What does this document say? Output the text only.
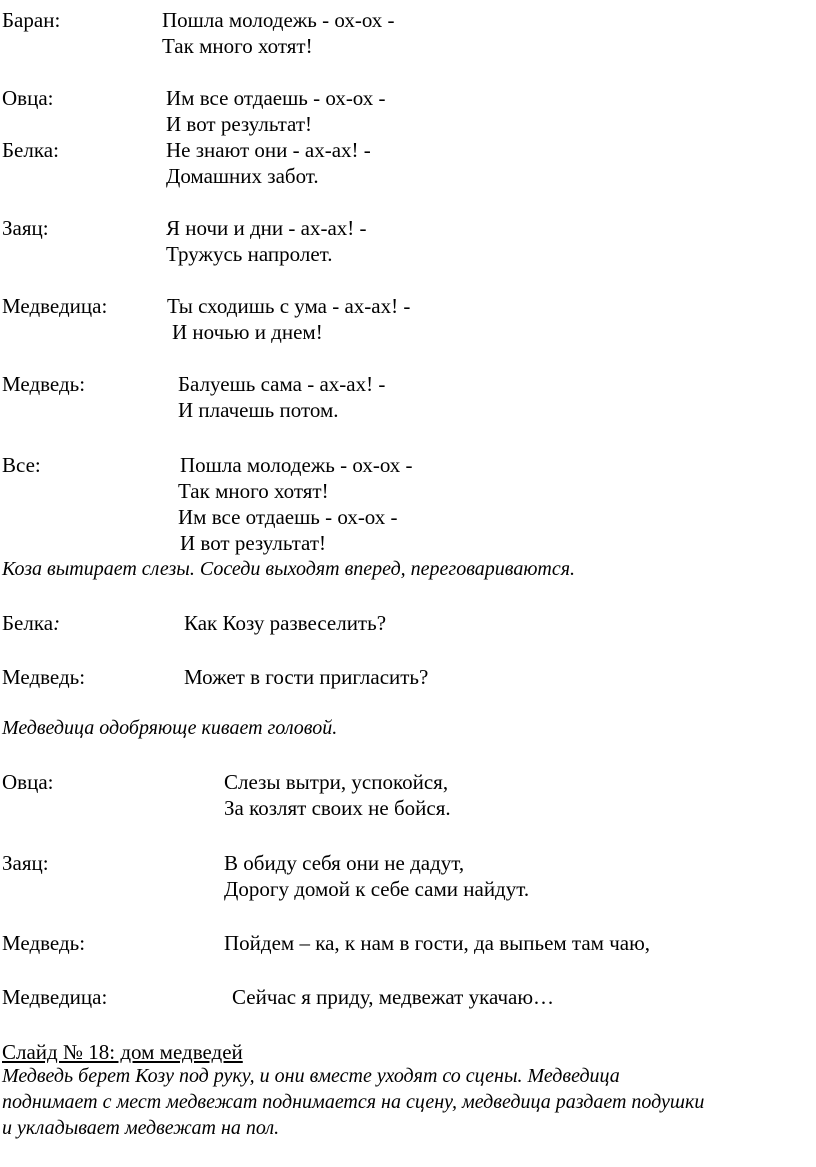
Баран:	Пошла молодежь - ох-ох -
Так много хотят!
Овца:	Им все отдаешь - ох-ох -
И вот результат!
Белка:	Не знают они - ах-ах! -
Домашних забот.
Заяц:	Я ночи и дни - ах-ах! -
Тружусь напролет.
Медведица:	Ты сходишь с ума - ах-ах! -
И ночью и днем!
Медведь:	Балуешь сама - ах-ах! -
И плачешь потом.
Все:	Пошла молодежь - ох-ох -
Так много хотят!
Им все отдаешь - ох-ох -
И вот результат!
Коза вытирает слезы. Соседи выходят вперед, переговариваются.
Белка:	Как Козу развеселить?
Медведь:	Может в гости пригласить?
Медведица одобряюще кивает головой.
Овца:	Слезы вытри, успокойся,
За козлят своих не бойся.
Заяц:	В обиду себя они не дадут,
Дорогу домой к себе сами найдут.
Медведь:	Пойдем – ка, к нам в гости, да выпьем там чаю,
Медведица:	Сейчас я приду, медвежат укачаю…
Слайд № 18: дом медведей
Медведь берет Козу под руку, и они вместе уходят со сцены. Медведица
поднимает с мест медвежат поднимается на сцену, медведица раздает подушки
и укладывает медвежат на пол.
